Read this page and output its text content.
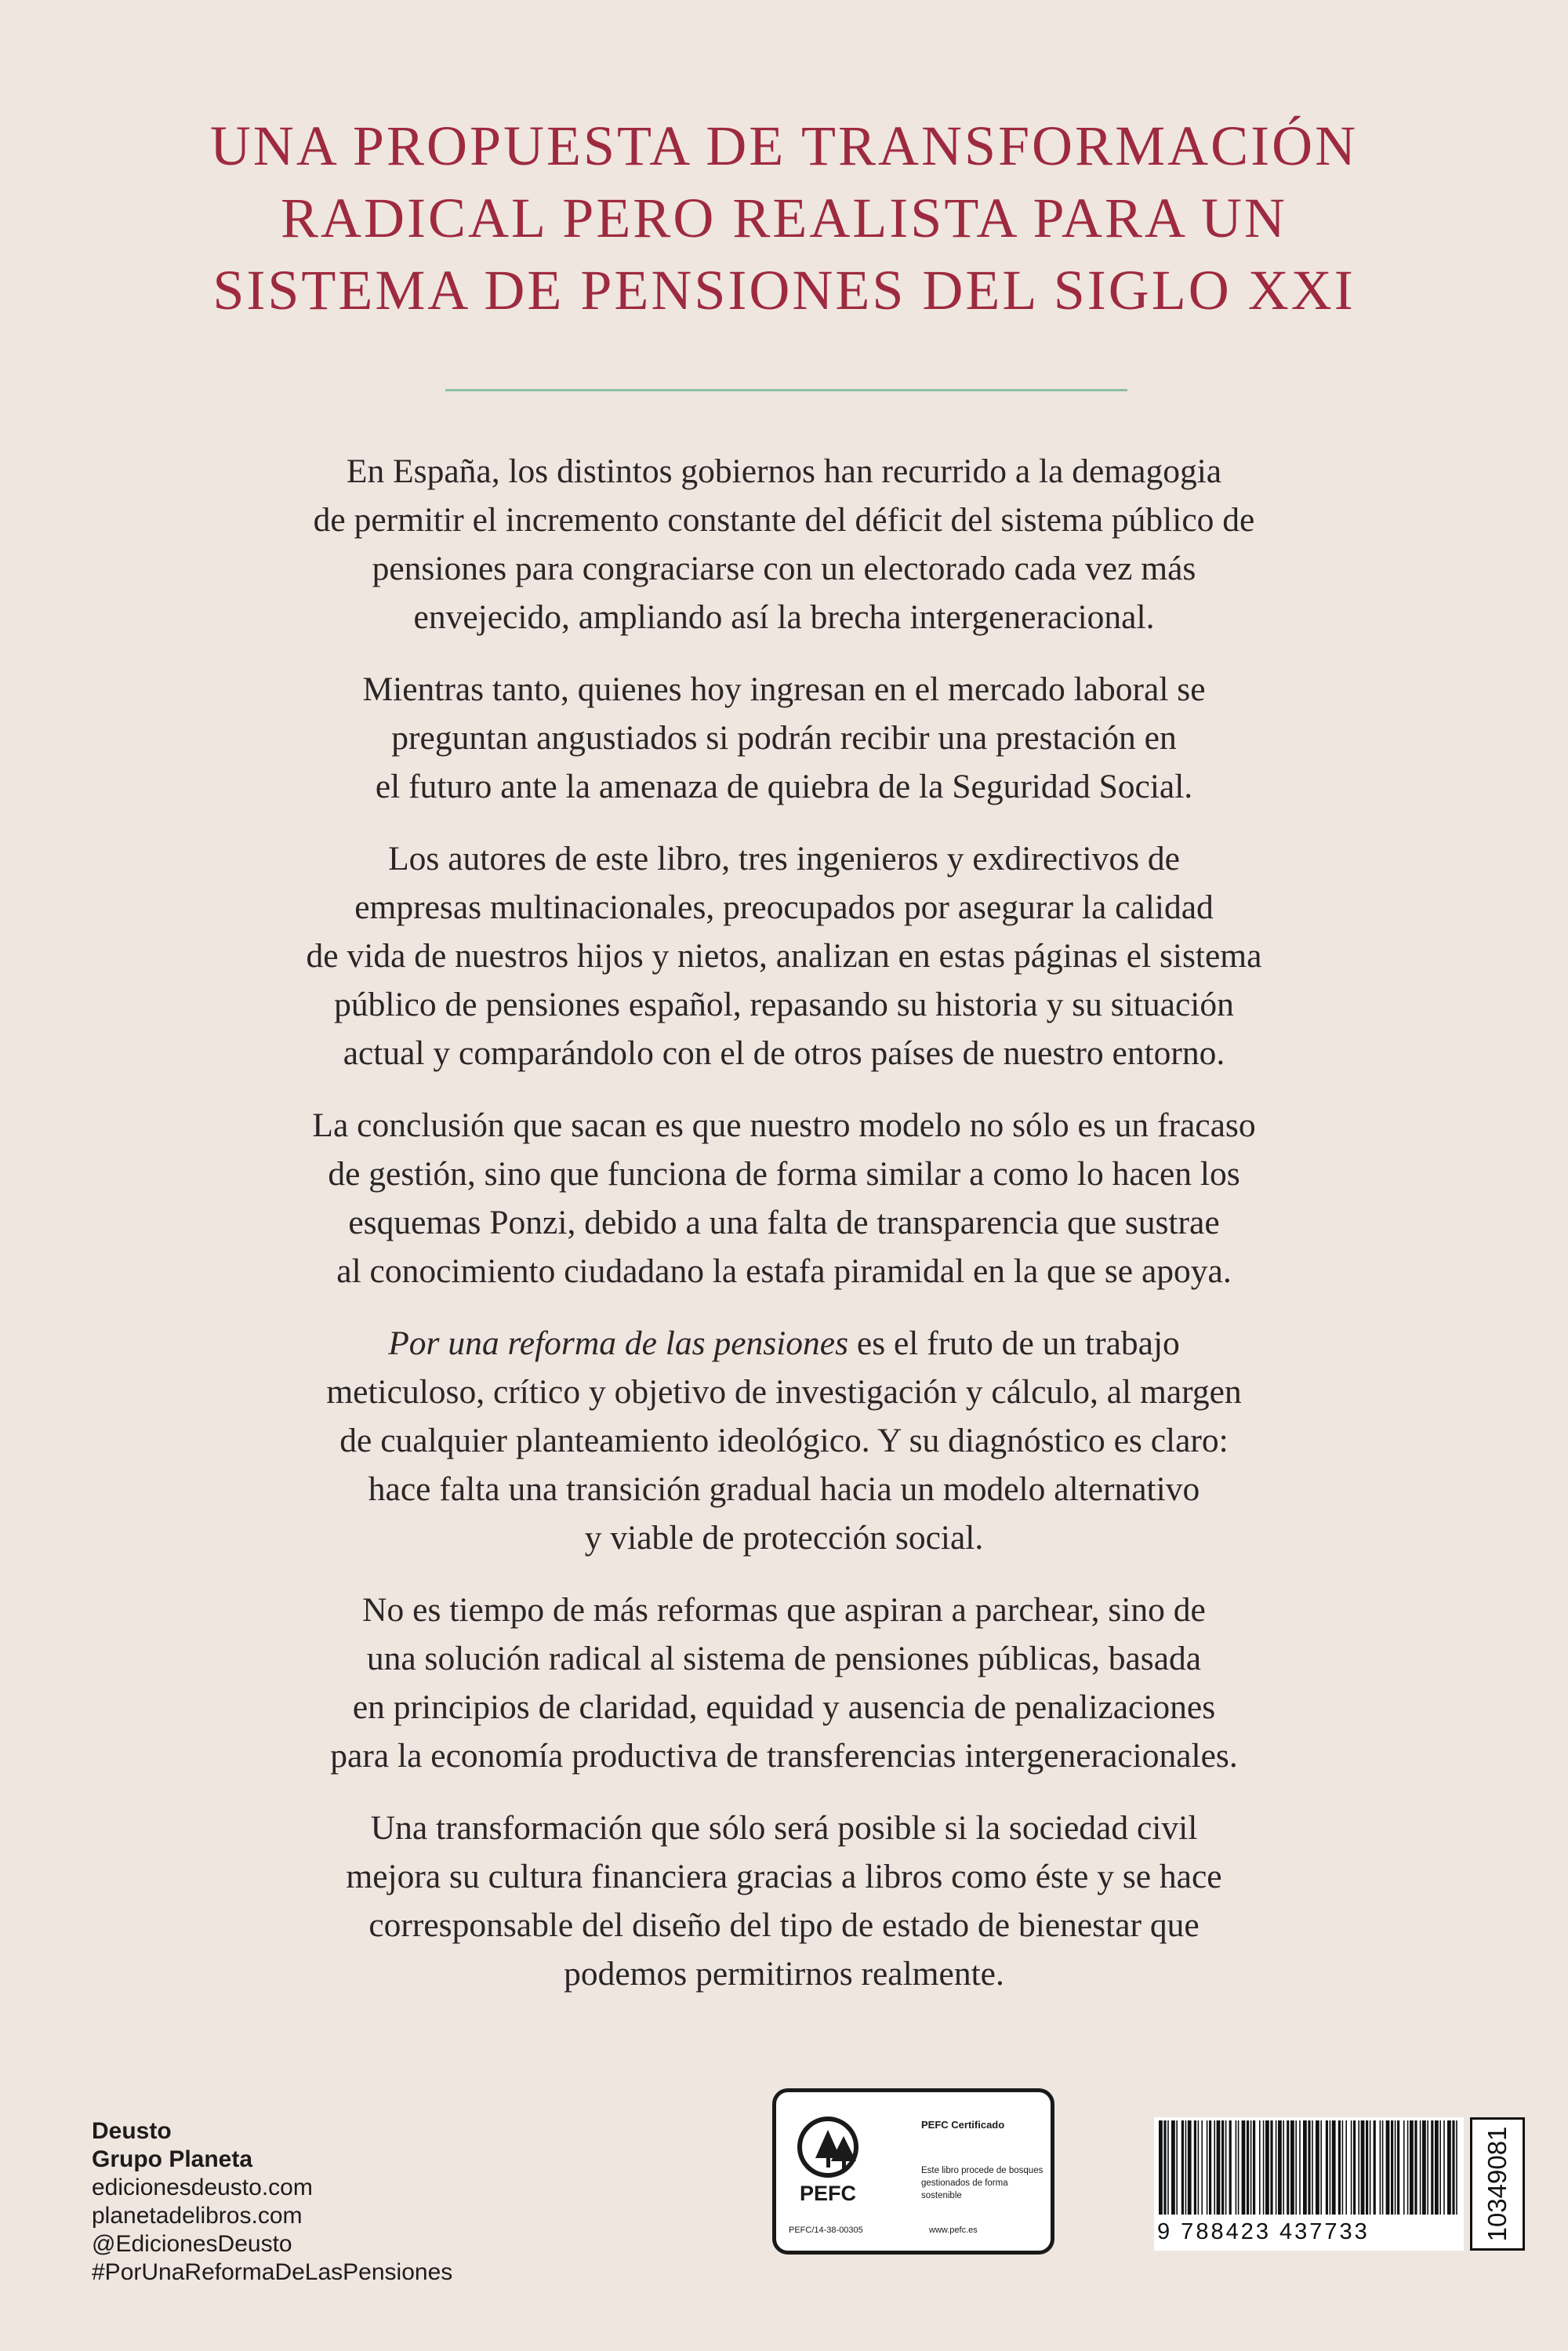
UNA PROPUESTA DE TRANSFORMACIÓN
RADICAL PERO REALISTA PARA UN
SISTEMA DE PENSIONES DEL SIGLO XXI
En España, los distintos gobiernos han recurrido a la demagogia
de permitir el incremento constante del déficit del sistema público de
pensiones para congraciarse con un electorado cada vez más
envejecido, ampliando así la brecha intergeneracional.
Mientras tanto, quienes hoy ingresan en el mercado laboral se
preguntan angustiados si podrán recibir una prestación en
el futuro ante la amenaza de quiebra de la Seguridad Social.
Los autores de este libro, tres ingenieros y exdirectivos de
empresas multinacionales, preocupados por asegurar la calidad
de vida de nuestros hijos y nietos, analizan en estas páginas el sistema
público de pensiones español, repasando su historia y su situación
actual y comparándolo con el de otros países de nuestro entorno.
La conclusión que sacan es que nuestro modelo no sólo es un fracaso
de gestión, sino que funciona de forma similar a como lo hacen los
esquemas Ponzi, debido a una falta de transparencia que sustrae
al conocimiento ciudadano la estafa piramidal en la que se apoya.
Por una reforma de las pensiones es el fruto de un trabajo
meticuloso, crítico y objetivo de investigación y cálculo, al margen
de cualquier planteamiento ideológico. Y su diagnóstico es claro:
hace falta una transición gradual hacia un modelo alternativo
y viable de protección social.
No es tiempo de más reformas que aspiran a parchear, sino de
una solución radical al sistema de pensiones públicas, basada
en principios de claridad, equidad y ausencia de penalizaciones
para la economía productiva de transferencias intergeneracionales.
Una transformación que sólo será posible si la sociedad civil
mejora su cultura financiera gracias a libros como éste y se hace
corresponsable del diseño del tipo de estado de bienestar que
podemos permitirnos realmente.
Deusto
Grupo Planeta
edicionesdeusto.com
planetadelibros.com
@EdicionesDeusto
#PorUnaReformaDeLasPensiones
PEFC
PEFC/14-38-00305
PEFC Certificado
Este libro procede de bosques gestionados de forma sostenible
www.pefc.es	9 788423 437733	10349081
